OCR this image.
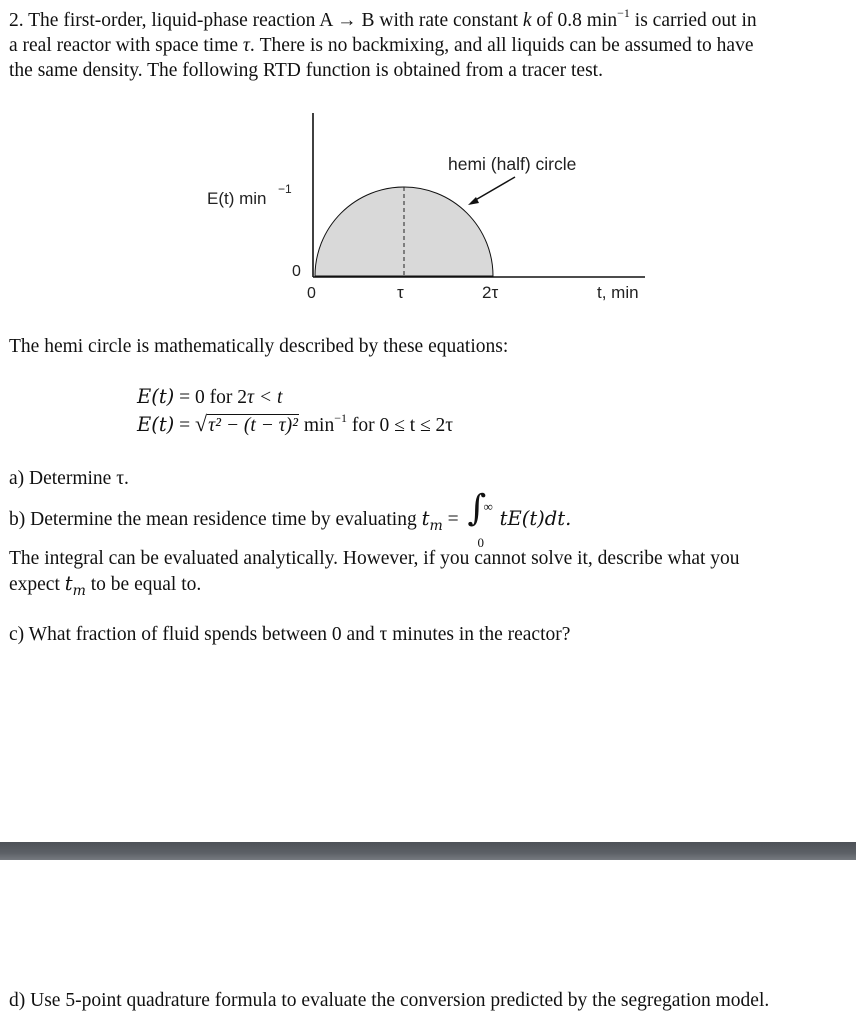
2. The first-order, liquid-phase reaction A → B with rate constant k of 0.8 $\min^{-1}$ is carried out in
a real reactor with space time τ. There is no backmixing, and all liquids can be assumed to have
the same density. The following RTD function is obtained from a tracer test.

hemi (half) circle
E(t) min −1
0
0	τ	2τ	t, min

The hemi circle is mathematically described by these equations:

E(t) = 0 for 2τ < t
E(t) = √τ² − (t − τ)² $\min^{-1}$ for 0 ≤ t ≤ 2τ

a) Determine τ.

b) Determine the mean residence time by evaluating $t_m$ = ∫
∞
0
tE(t)dt.

The integral can be evaluated analytically. However, if you cannot solve it, describe what you
expect $t_m$ to be equal to.

c) What fraction of fluid spends between 0 and τ minutes in the reactor?

d) Use 5-point quadrature formula to evaluate the conversion predicted by the segregation model.
